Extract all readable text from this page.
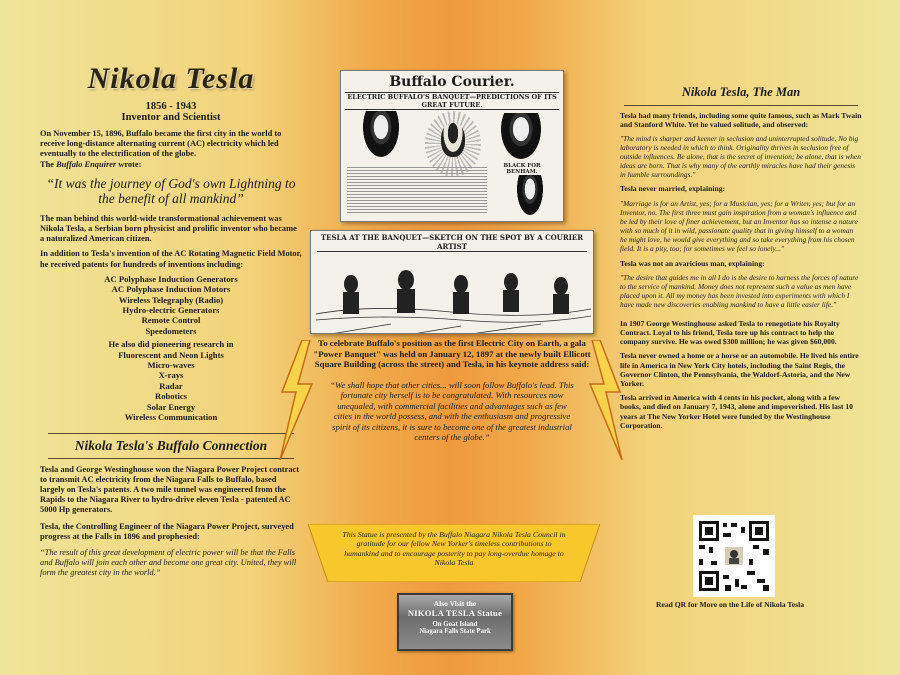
Nikola Tesla
1856 - 1943
Inventor and Scientist

On November 15, 1896, Buffalo became the first city in the world to receive long-distance alternating current (AC) electricity which led eventually to the electrification of the globe.
The Buffalo Enquirer wrote:

“It was the journey of God's own Lightning to the benefit of all mankind”

The man behind this world-wide transformational achievement was Nikola Tesla, a Serbian born physicist and prolific inventor who became a naturalized American citizen.

In addition to Tesla's invention of the AC Rotating Magnetic Field Motor, he received patents for hundreds of inventions including:

AC Polyphase Induction Generators
AC Polyphase Induction Motors
Wireless Telegraphy (Radio)
Hydro-electric Generators
Remote Control
Speedometers
He also did pioneering research in
Fluorescent and Neon Lights
Micro-waves
X-rays
Radar
Robotics
Solar Energy
Wireless Communication
Nikola Tesla's Buffalo Connection

Tesla and George Westinghouse won the Niagara Power Project contract to transmit AC electricity from the Niagara Falls to Buffalo, based largely on Tesla's patents. A two mile tunnel was engineered from the Rapids to the Niagara River to hydro-drive eleven Tesla - patented AC 5000 Hp generators.

Tesla, the Controlling Engineer of the Niagara Power Project, surveyed progress at the Falls in 1896 and prophesied:

“The result of this great development of electric power will be that the Falls and Buffalo will join each other and become one great city. United, they will form the greatest city in the world.”

Buffalo Courier.
ELECTRIC BUFFALO'S BANQUET—PREDICTIONS OF ITS GREAT FUTURE.
BLACK FOR BENHAM.
TESLA AT THE BANQUET—SKETCH ON THE SPOT BY A COURIER ARTIST

To celebrate Buffalo's position as the first Electric City on Earth, a gala "Power Banquet" was held on January 12, 1897 at the newly built Ellicott Square Building (across the street) and Tesla, in his keynote address said:

“We shall hope that other cities... will soon follow Buffalo's lead. This fortunate city herself is to be congratulated. With resources now unequaled, with commercial facilities and advantages such as few cities in the world possess, and with the enthusiasm and progressive spirit of its citizens, it is sure to become one of the greatest industrial centers of the globe.”

This Statue is presented by the Buffalo Niagara Nikola Tesla Council in gratitude for our fellow New Yorker's timeless contributions to humankind and to encourage posterity to pay long-overdue homage to Nikola Tesla

Also Visit the
NIKOLA TESLA Statue
On Goat Island
Niagara Falls State Park
Nikola Tesla, The Man

Tesla had many friends, including some quite famous, such as Mark Twain and Stanford White. Yet he valued solitude, and observed:

"The mind is sharper and keener in seclusion and uninterrupted solitude. No big laboratory is needed in which to think. Originality thrives in seclusion free of outside influences. Be alone, that is the secret of invention; be alone, that is when ideas are born. That is why many of the earthly miracles have had their genesis in humble surroundings."

Tesla never married, explaining:

"Marriage is for an Artist, yes; for a Musician, yes; for a Writer, yes; but for an Inventor, no. The first three must gain inspiration from a woman's influence and be led by their love of finer achievement, but an Inventor has so intense a nature with so much of it in wild, passionate quality that in giving himself to a woman he might love, he would give everything and so take everything from his chosen field. It is a pity, too; for sometimes we feel so lonely..."

Tesla was not an avaricious man, explaining:

"The desire that guides me in all I do is the desire to harness the forces of nature to the service of mankind. Money does not represent such a value as men have placed upon it. All my money has been invested into experiments with which I have made new discoveries enabling mankind to have a little easier life."

In 1907 George Westinghouse asked Tesla to renegotiate his Royalty Contract. Loyal to his friend, Tesla tore up his contract to help the company survive. He was owed $300 million; he was given $60,000.

Tesla never owned a home or a horse or an automobile. He lived his entire life in America in New York City hotels, including the Saint Regis, the Governor Clinton, the Pennsylvania, the Waldorf-Astoria, and the New Yorker.

Tesla arrived in America with 4 cents in his pocket, along with a few books, and died on January 7, 1943, alone and impoverished. His last 10 years at The New Yorker Hotel were funded by the Westinghouse Corporation.

Read QR for More on the Life of Nikola Tesla
